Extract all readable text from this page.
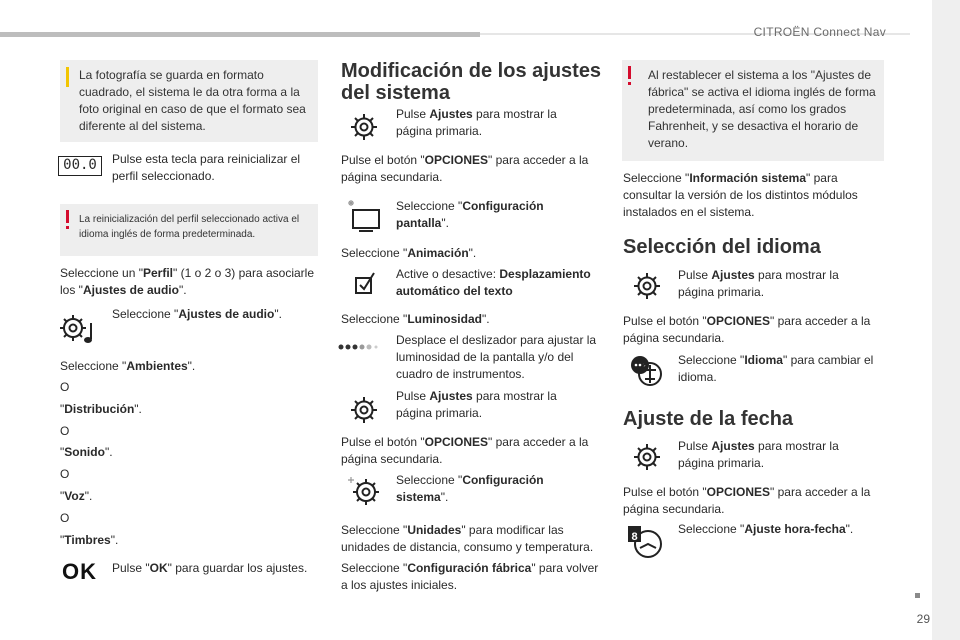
CITROËN Connect Nav
29
La fotografía se guarda en formato cuadrado, el sistema le da otra forma a la foto original en caso de que el formato sea diferente al del sistema.
00.0	Pulse esta tecla para reinicializar el perfil seleccionado.
La reinicialización del perfil seleccionado activa el idioma inglés de forma predeterminada.
Seleccione un "Perfil" (1 o 2 o 3) para asociarle los "Ajustes de audio".
Seleccione "Ajustes de audio".
Seleccione "Ambientes".
O
"Distribución".
O
"Sonido".
O
"Voz".
O
"Timbres".
OK Pulse "OK" para guardar los ajustes.
Modificación de los ajustes
del sistema
Pulse Ajustes para mostrar la página primaria.
Pulse el botón "OPCIONES" para acceder a la página secundaria.
Seleccione "Configuración pantalla".
Seleccione "Animación".
Active o desactive: Desplazamiento automático del texto
Seleccione "Luminosidad".
Desplace el deslizador para ajustar la luminosidad de la pantalla y/o del cuadro de instrumentos.
Pulse Ajustes para mostrar la página primaria.
Pulse el botón "OPCIONES" para acceder a la página secundaria.
Seleccione "Configuración sistema".
Seleccione "Unidades" para modificar las unidades de distancia, consumo y temperatura.
Seleccione "Configuración fábrica" para volver a los ajustes iniciales.
Al restablecer el sistema a los "Ajustes de fábrica" se activa el idioma inglés de forma predeterminada, así como los grados Fahrenheit, y se desactiva el horario de verano.
Seleccione "Información sistema" para consultar la versión de los distintos módulos instalados en el sistema.
Selección del idioma
Pulse Ajustes para mostrar la página primaria.
Pulse el botón "OPCIONES" para acceder a la página secundaria.
Seleccione "Idioma" para cambiar el idioma.
Ajuste de la fecha
Pulse Ajustes para mostrar la página primaria.
Pulse el botón "OPCIONES" para acceder a la página secundaria.
8
Seleccione "Ajuste hora-fecha".
